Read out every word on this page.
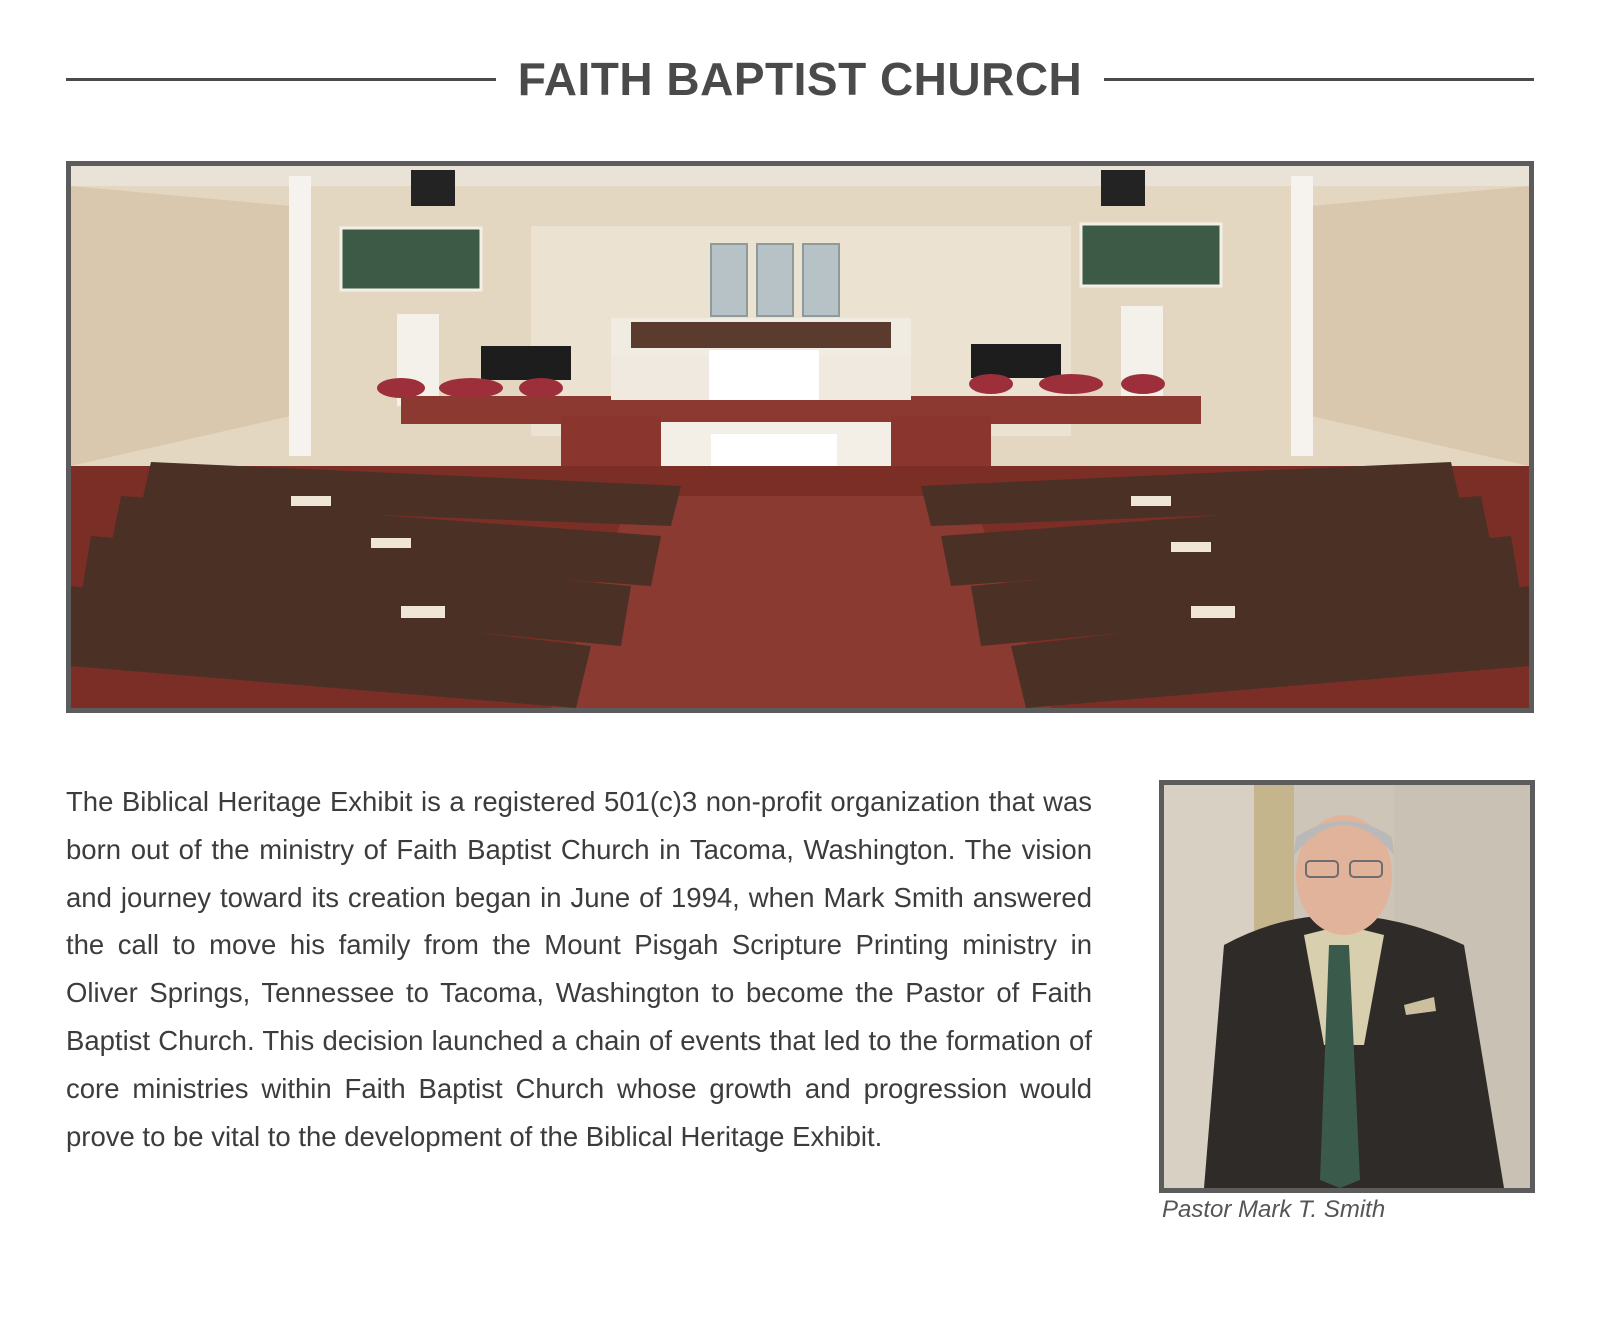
FAITH BAPTIST CHURCH

The Biblical Heritage Exhibit is a registered 501(c)3 non-profit organization that was born out of the ministry of Faith Baptist Church in Tacoma, Washington. The vision and journey toward its creation began in June of 1994, when Mark Smith answered the call to move his family from the Mount Pisgah Scripture Printing ministry in Oliver Springs, Tennessee to Tacoma, Washington to become the Pastor of Faith Baptist Church. This decision launched a chain of events that led to the formation of core ministries within Faith Baptist Church whose growth and progression would prove to be vital to the development of the Biblical Heritage Exhibit.

Pastor Mark T. Smith
